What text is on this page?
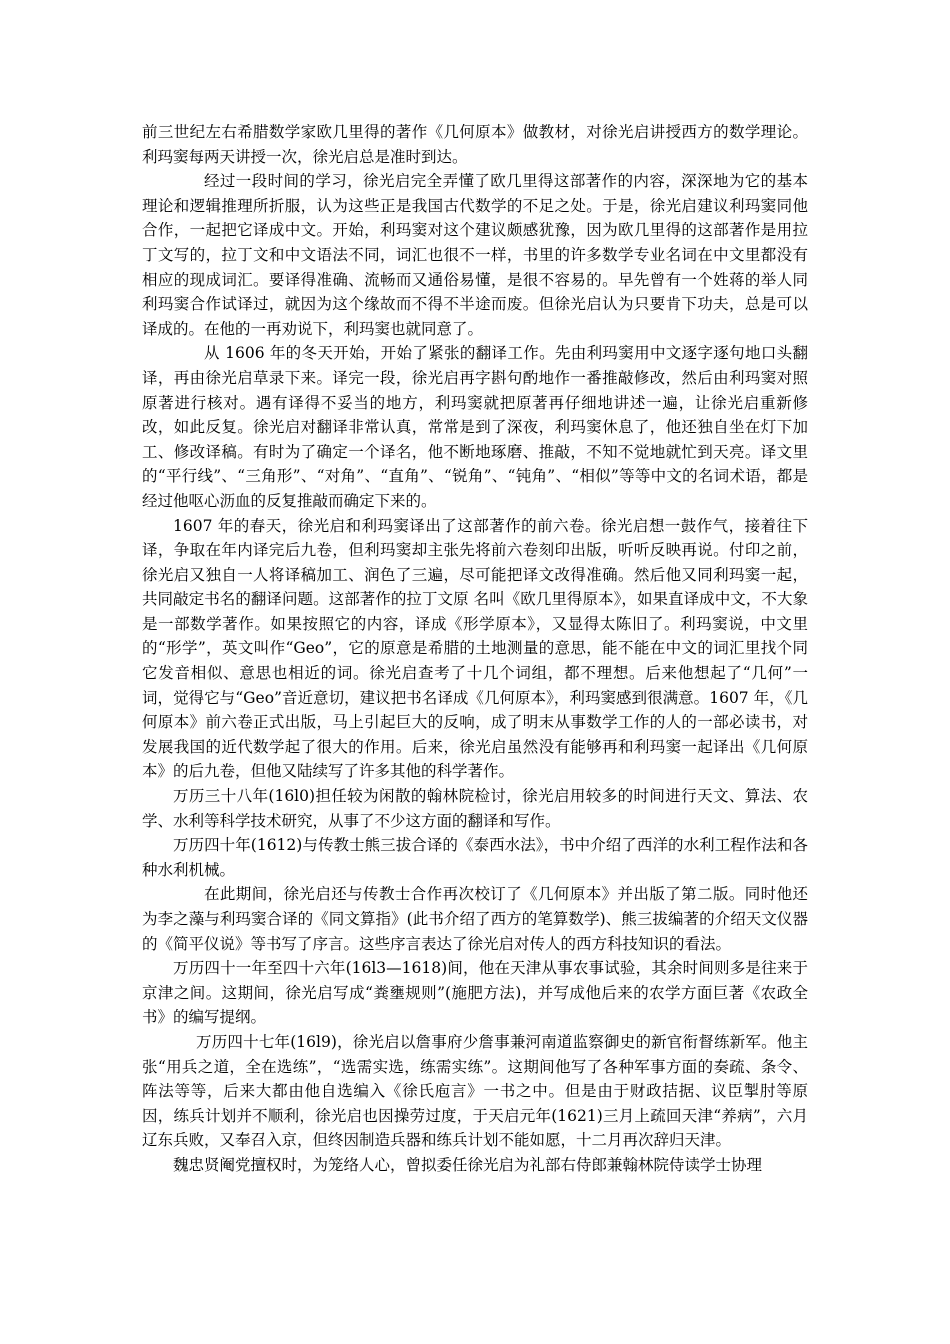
前三世纪左右希腊数学家欧几里得的著作《几何原本》做教材，对徐光启讲授西方的数学理论。利玛窦每两天讲授一次，徐光启总是准时到达。

经过一段时间的学习，徐光启完全弄懂了欧几里得这部著作的内容，深深地为它的基本理论和逻辑推理所折服，认为这些正是我国古代数学的不足之处。于是，徐光启建议利玛窦同他合作，一起把它译成中文。开始，利玛窦对这个建议颇感犹豫，因为欧几里得的这部著作是用拉丁文写的，拉丁文和中文语法不同，词汇也很不一样，书里的许多数学专业名词在中文里都没有相应的现成词汇。要译得准确、流畅而又通俗易懂，是很不容易的。早先曾有一个姓蒋的举人同利玛窦合作试译过，就因为这个缘故而不得不半途而废。但徐光启认为只要肯下功夫，总是可以译成的。在他的一再劝说下，利玛窦也就同意了。

从 1606 年的冬天开始，开始了紧张的翻译工作。先由利玛窦用中文逐字逐句地口头翻译，再由徐光启草录下来。译完一段，徐光启再字斟句酌地作一番推敲修改，然后由利玛窦对照原著进行核对。遇有译得不妥当的地方，利玛窦就把原著再仔细地讲述一遍，让徐光启重新修改，如此反复。徐光启对翻译非常认真，常常是到了深夜，利玛窦休息了，他还独自坐在灯下加工、修改译稿。有时为了确定一个译名，他不断地琢磨、推敲，不知不觉地就忙到天亮。译文里的“平行线”、“三角形”、“对角”、“直角”、“锐角”、“钝角”、“相似”等等中文的名词术语，都是经过他呕心沥血的反复推敲而确定下来的。

1607 年的春天，徐光启和利玛窦译出了这部著作的前六卷。徐光启想一鼓作气，接着往下译，争取在年内译完后九卷，但利玛窦却主张先将前六卷刻印出版，听听反映再说。付印之前，徐光启又独自一人将译稿加工、润色了三遍，尽可能把译文改得准确。然后他又同利玛窦一起，共同敲定书名的翻译问题。这部著作的拉丁文原 名叫《欧几里得原本》，如果直译成中文，不大象是一部数学著作。如果按照它的内容，译成《形学原本》，又显得太陈旧了。利玛窦说，中文里的“形学”，英文叫作“Geo”，它的原意是希腊的土地测量的意思，能不能在中文的词汇里找个同它发音相似、意思也相近的词。徐光启查考了十几个词组，都不理想。后来他想起了“几何”一词，觉得它与“Geo”音近意切，建议把书名译成《几何原本》，利玛窦感到很满意。1607 年，《几何原本》前六卷正式出版，马上引起巨大的反响，成了明末从事数学工作的人的一部必读书，对发展我国的近代数学起了很大的作用。后来，徐光启虽然没有能够再和利玛窦一起译出《几何原本》的后九卷，但他又陆续写了许多其他的科学著作。

万历三十八年(16l0)担任较为闲散的翰林院检讨，徐光启用较多的时间进行天文、算法、农学、水利等科学技术研究，从事了不少这方面的翻译和写作。

万历四十年(1612)与传教士熊三拔合译的《泰西水法》，书中介绍了西洋的水利工程作法和各种水利机械。

在此期间，徐光启还与传教士合作再次校订了《几何原本》并出版了第二版。同时他还为李之藻与利玛窦合译的《同文算指》(此书介绍了西方的笔算数学)、熊三拔编著的介绍天文仪器的《简平仪说》等书写了序言。这些序言表达了徐光启对传人的西方科技知识的看法。

万历四十一年至四十六年(16l3—1618)间，他在天津从事农事试验，其余时间则多是往来于京津之间。这期间，徐光启写成“粪壅规则”(施肥方法)，并写成他后来的农学方面巨著《农政全书》的编写提纲。

万历四十七年(16l9)，徐光启以詹事府少詹事兼河南道监察御史的新官衔督练新军。他主张“用兵之道，全在选练”，“选需实选，练需实练”。这期间他写了各种军事方面的奏疏、条令、阵法等等，后来大都由他自选编入《徐氏庖言》一书之中。但是由于财政拮据、议臣掣肘等原因，练兵计划并不顺利，徐光启也因操劳过度，于天启元年(1621)三月上疏回天津“养病”，六月辽东兵败，又奉召入京，但终因制造兵器和练兵计划不能如愿，十二月再次辞归天津。

魏忠贤阉党擅权时，为笼络人心，曾拟委任徐光启为礼部右侍郎兼翰林院侍读学士协理
